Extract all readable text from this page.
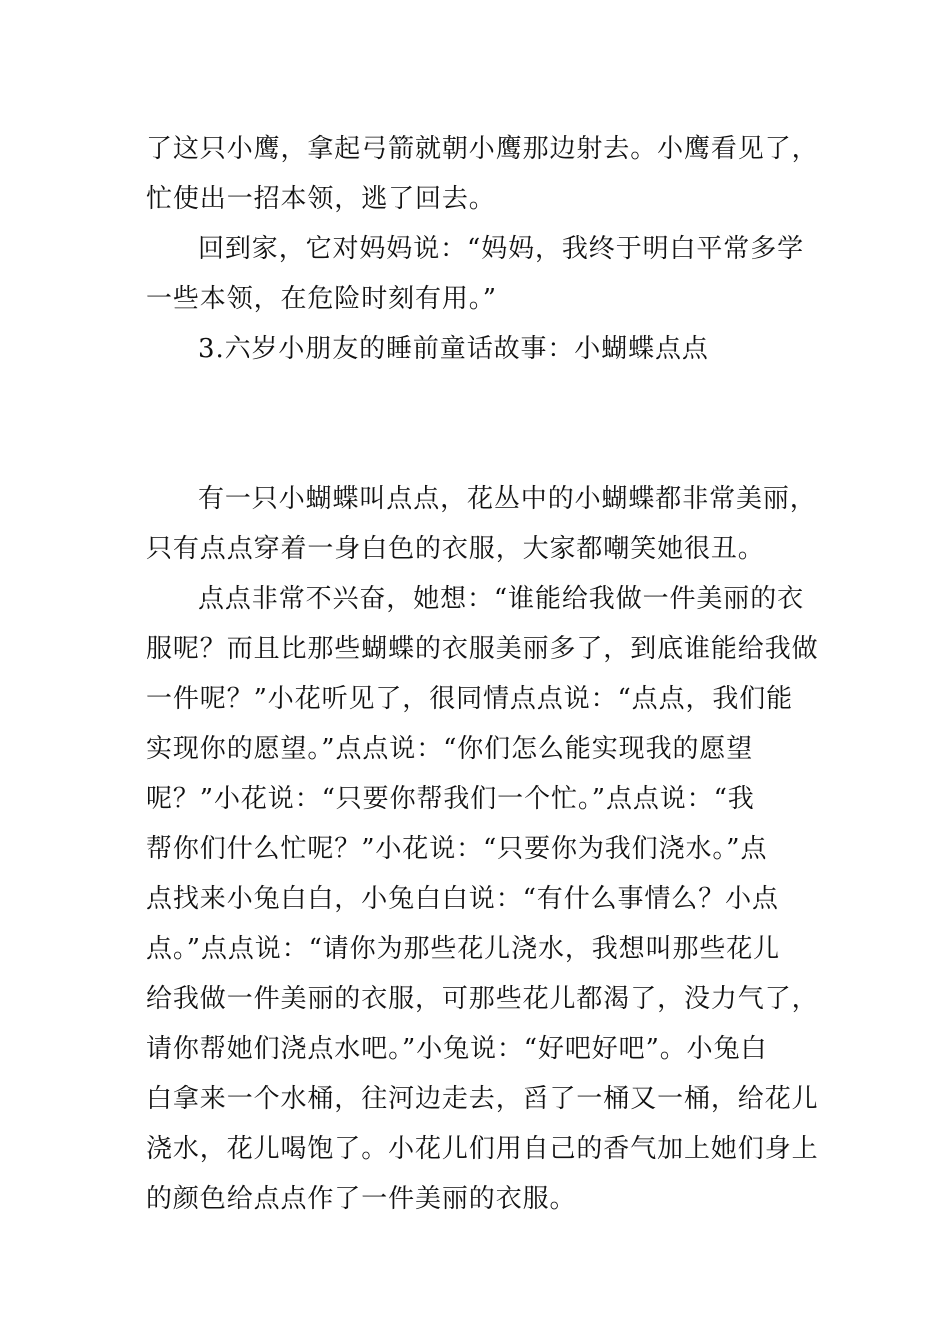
了这只小鹰，拿起弓箭就朝小鹰那边射去。小鹰看见了，
忙使出一招本领，逃了回去。
回到家，它对妈妈说：“妈妈，我终于明白平常多学
一些本领，在危险时刻有用。”
3.六岁小朋友的睡前童话故事：小蝴蝶点点
有一只小蝴蝶叫点点，花丛中的小蝴蝶都非常美丽，
只有点点穿着一身白色的衣服，大家都嘲笑她很丑。
点点非常不兴奋，她想：“谁能给我做一件美丽的衣
服呢？而且比那些蝴蝶的衣服美丽多了，到底谁能给我做
一件呢？”小花听见了，很同情点点说：“点点，我们能
实现你的愿望。”点点说：“你们怎么能实现我的愿望
呢？”小花说：“只要你帮我们一个忙。”点点说：“我
帮你们什么忙呢？”小花说：“只要你为我们浇水。”点
点找来小兔白白，小兔白白说：“有什么事情么？小点
点。”点点说：“请你为那些花儿浇水，我想叫那些花儿
给我做一件美丽的衣服，可那些花儿都渴了，没力气了，
请你帮她们浇点水吧。”小兔说：“好吧好吧”。小兔白
白拿来一个水桶，往河边走去，舀了一桶又一桶，给花儿
浇水，花儿喝饱了。小花儿们用自己的香气加上她们身上
的颜色给点点作了一件美丽的衣服。
